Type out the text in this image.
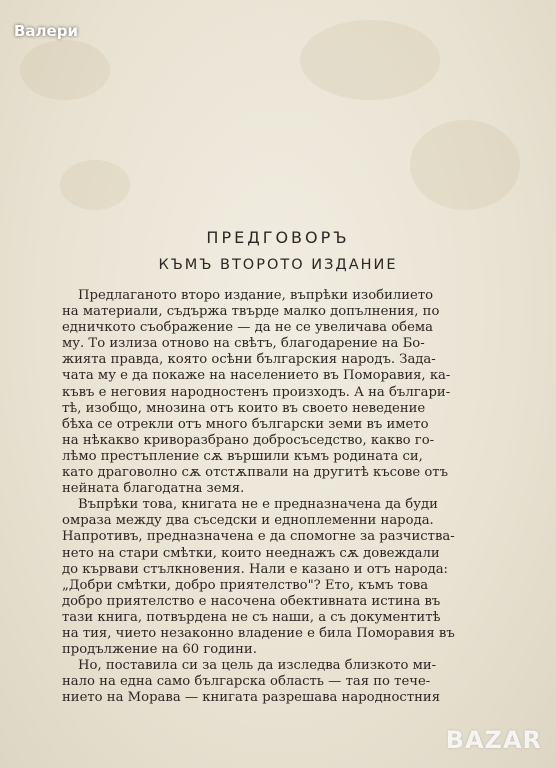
Валери
ПРЕДГОВОРЪ
КЪМЪ ВТОРОТО ИЗДАНИЕ
Предлаганото второ издание, въпрѣки изобилието
на материали, съдържа твърде малко допълнения, по
едничкото съображение — да не се увеличава обема
му. То излиза отново на свѣтъ, благодарение на Бо-
жията правда, която осѣни българския народъ. Зада-
чата му е да покаже на населението въ Поморавия, ка-
къвъ е неговия народностенъ произходъ. А на българи-
тѣ, изобщо, мнозина отъ които въ своето неведение
бѣха се отрекли отъ много български земи въ името
на нѣкакво криворазбрано добросъседство, какво го-
лѣмо престъпление сѫ вършили къмъ родината си,
като драговолно сѫ отстѫпвали на другитѣ късове отъ
нейната благодатна земя.
Въпрѣки това, книгата не е предназначена да буди
омраза между два съседски и едноплеменни народа.
Напротивъ, предназначена е да спомогне за разчиства-
нето на стари смѣтки, които нееднажъ сѫ довеждали
до кървави стълкновения. Нали е казано и отъ народа:
„Добри смѣтки, добро приятелство"? Ето, къмъ това
добро приятелство е насочена обективната истина въ
тази книга, потвърдена не съ наши, а съ документитѣ
на тия, чието незаконно владение е била Поморавия въ
продължение на 60 години.
Но, поставила си за цель да изследва близкото ми-
нало на една само българска область — тая по тече-
нието на Морава — книгата разрешава народностния
BAZAR
